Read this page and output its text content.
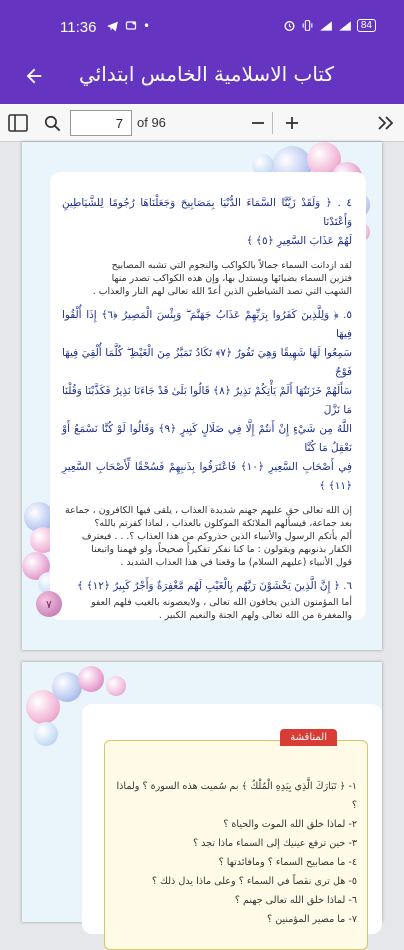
11:36	•	84
كتاب الاسلامية الخامس ابتدائي
7
of 96
٤ . ﴿ وَلَقَدْ زَيَّنَّا السَّمَاءَ الدُّنْيَا بِمَصَابِيحَ وَجَعَلْنَاهَا رُجُومًا لِلشَّيَاطِينِ وَأَعْتَدْنَا
لَهُمْ عَذَابَ السَّعِيرِ ﴿٥﴾ ﴾
لقد ازدانت السماء جمالاً بالكواكب والنجوم التي تشبه المصابيح
فتزين السماء بضيائها ويستدل بها، وإن هذه الكواكب تصدر منها
الشهب التي تصد الشياطين الذين أعدّ الله تعالى لهم النار والعذاب .
٥. ﴿ وَلِلَّذِينَ كَفَرُوا بِرَبِّهِمْ عَذَابُ جَهَنَّمَ ۖ وَبِئْسَ الْمَصِيرُ ﴿٦﴾ إِذَا أُلْقُوا فِيهَا
سَمِعُوا لَهَا شَهِيقًا وَهِيَ تَفُورُ ﴿٧﴾ تَكَادُ تَمَيَّزُ مِنَ الْغَيْظِ ۖ كُلَّمَا أُلْقِيَ فِيهَا فَوْجٌ
سَأَلَهُمْ خَزَنَتُهَا أَلَمْ يَأْتِكُمْ نَذِيرٌ ﴿٨﴾ قَالُوا بَلَىٰ قَدْ جَاءَنَا نَذِيرٌ فَكَذَّبْنَا وَقُلْنَا مَا نَزَّلَ
اللَّهُ مِن شَيْءٍ إِنْ أَنتُمْ إِلَّا فِي ضَلَالٍ كَبِيرٍ ﴿٩﴾ وَقَالُوا لَوْ كُنَّا نَسْمَعُ أَوْ نَعْقِلُ مَا كُنَّا
فِي أَصْحَابِ السَّعِيرِ ﴿١٠﴾ فَاعْتَرَفُوا بِذَنبِهِمْ فَسُحْقًا لِّأَصْحَابِ السَّعِيرِ ﴿١١﴾ ﴾
إن الله تعالى حق عليهم جهنم شديدة العذاب ، يلقى فيها الكافرون ، جماعة
بعد جماعة، فيسألهم الملائكة الموكلون بالعذاب ، لماذا كفرتم بالله؟
ألم يأتكم الرسول والأنبياء الذين حذروكم من هذا العذاب ؟. . . فيعترف
الكفار بذنوبهم ويقولون : ما كنا نفكر تفكيراً صحيحاً، ولو فهمنا واتبعنا
قول الأنبياء (عليهم السلام) ما وقعنا في هذا العذاب الشديد .
٦. ﴿ إِنَّ الَّذِينَ يَخْشَوْنَ رَبَّهُم بِالْغَيْبِ لَهُم مَّغْفِرَةٌ وَأَجْرٌ كَبِيرٌ ﴿١٢﴾ ﴾
أما المؤمنون الذين يخافون الله تعالى ، ولايعصونه بالغيب فلهم العفو
والمغفرة من الله تعالى ولهم الجنة والنعيم الكبير .
٧
المناقشة
١- ﴿ تَبَارَكَ الَّذِي بِيَدِهِ الْمُلْكُ ﴾ بم سُميت هذه السورة ؟ ولماذا ؟
٢- لماذا خلق الله الموت والحياة ؟
٣- حين ترفع عينيك إلى السماء ماذا تجد ؟
٤- ما مصابيح السماء ؟ ومافائدتها ؟
٥- هل ترى نقصاً في السماء ؟ وعلى ماذا يدل ذلك ؟
٦- لماذا خلق الله تعالى جهنم ؟
٧- ما مصير المؤمنين ؟
